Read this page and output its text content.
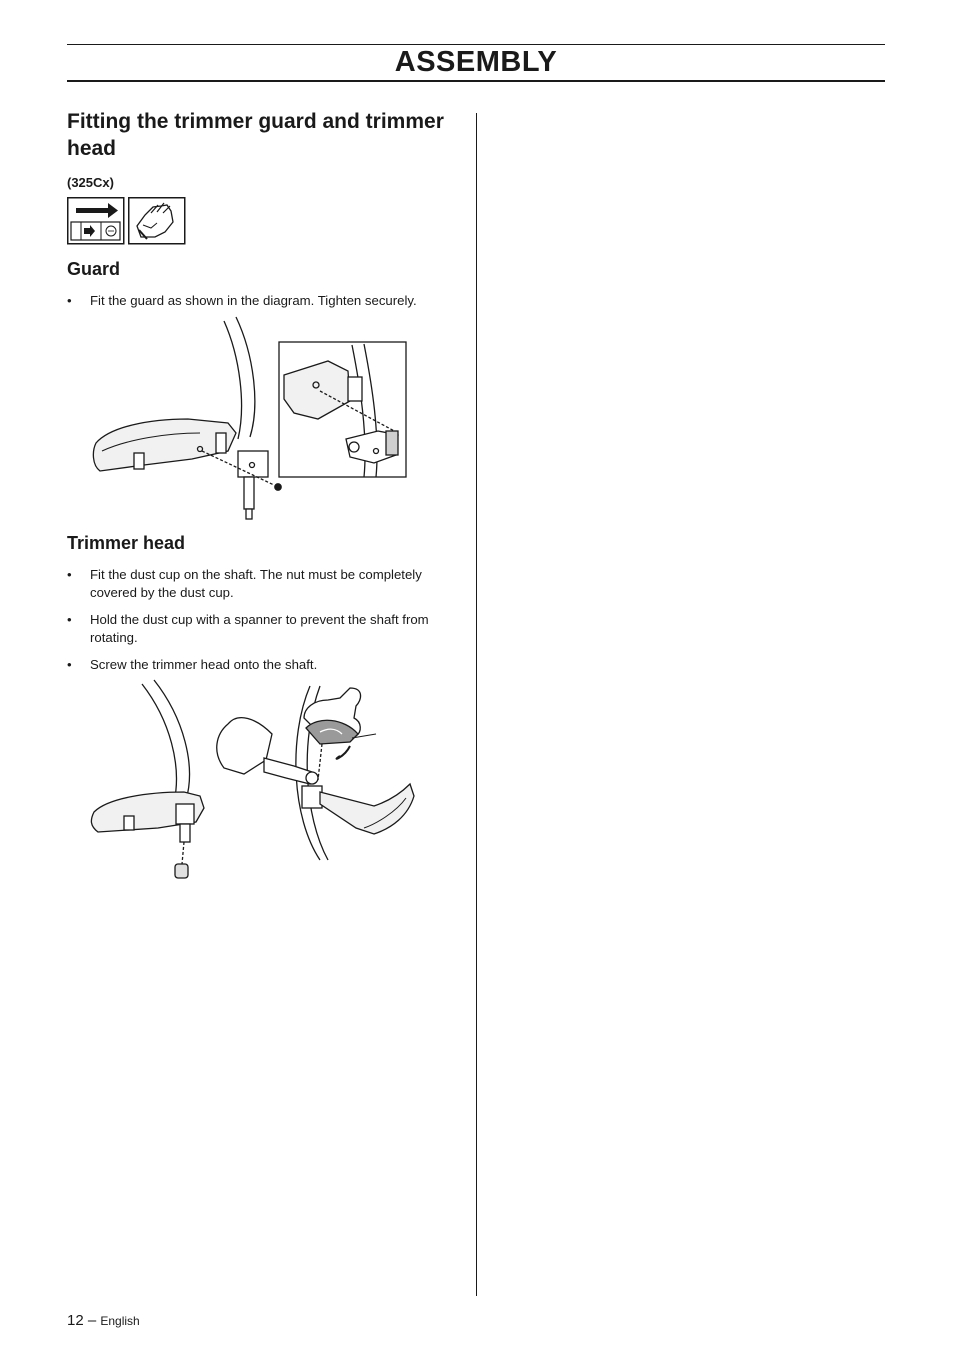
ASSEMBLY
Fitting the trimmer guard and trimmer head
(325Cx)
Guard
• Fit the guard as shown in the diagram. Tighten securely.
Trimmer head
• Fit the dust cup on the shaft. The nut must be completely covered by the dust cup.
• Hold the dust cup with a spanner to prevent the shaft from rotating.
• Screw the trimmer head onto the shaft.
12 – English
